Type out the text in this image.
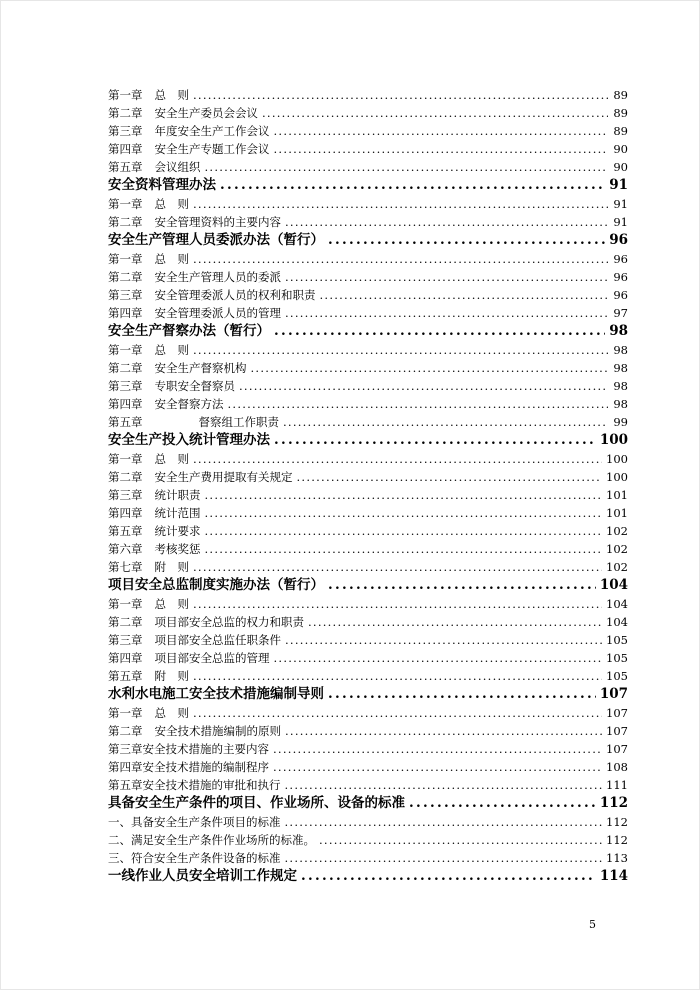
第一章 总　则 . . .	89
第二章 安全生产委员会会议 . . .	89
第三章 年度安全生产工作会议 . . .	89
第四章 安全生产专题工作会议 . . .	90
第五章 会议组织 . . .	90
安全资料管理办法 . . .	91
第一章 总　则 . . .	91
第二章 安全管理资料的主要内容 . . .	91
安全生产管理人员委派办法（暂行） . . .	96
第一章 总　则 . . .	96
第二章 安全生产管理人员的委派 . . .	96
第三章 安全管理委派人员的权利和职责 . . .	96
第四章 安全管理委派人员的管理 . . .	97
安全生产督察办法（暂行） . . .	98
第一章 总　则 . . .	98
第二章 安全生产督察机构 . . .	98
第三章 专职安全督察员 . . .	98
第四章 安全督察方法 . . .	98
第五章	督察组工作职责 . . .	99
安全生产投入统计管理办法 . . .	100
第一章 总　则 . . .	100
第二章 安全生产费用提取有关规定 . . .	100
第三章 统计职责 . . .	101
第四章 统计范围 . . .	101
第五章 统计要求 . . .	102
第六章 考核奖惩 . . .	102
第七章 附　则 . . .	102
项目安全总监制度实施办法（暂行） . . .	104
第一章 总　则 . . .	104
第二章 项目部安全总监的权力和职责 . . .	104
第三章 项目部安全总监任职条件 . . .	105
第四章 项目部安全总监的管理 . . .	105
第五章 附　则 . . .	105
水利水电施工安全技术措施编制导则 . . .	107
第一章 总　则 . . .	107
第二章 安全技术措施编制的原则 . . .	107
第三章安全技术措施的主要内容 . . .	107
第四章安全技术措施的编制程序 . . .	108
第五章安全技术措施的审批和执行 . . .	111
具备安全生产条件的项目、作业场所、设备的标准 . . .	112
一、具备安全生产条件项目的标准 . . .	112
二、满足安全生产条件作业场所的标准。 . . .	112
三、符合安全生产条件设备的标准 . . .	113
一线作业人员安全培训工作规定 . . .	114
5
